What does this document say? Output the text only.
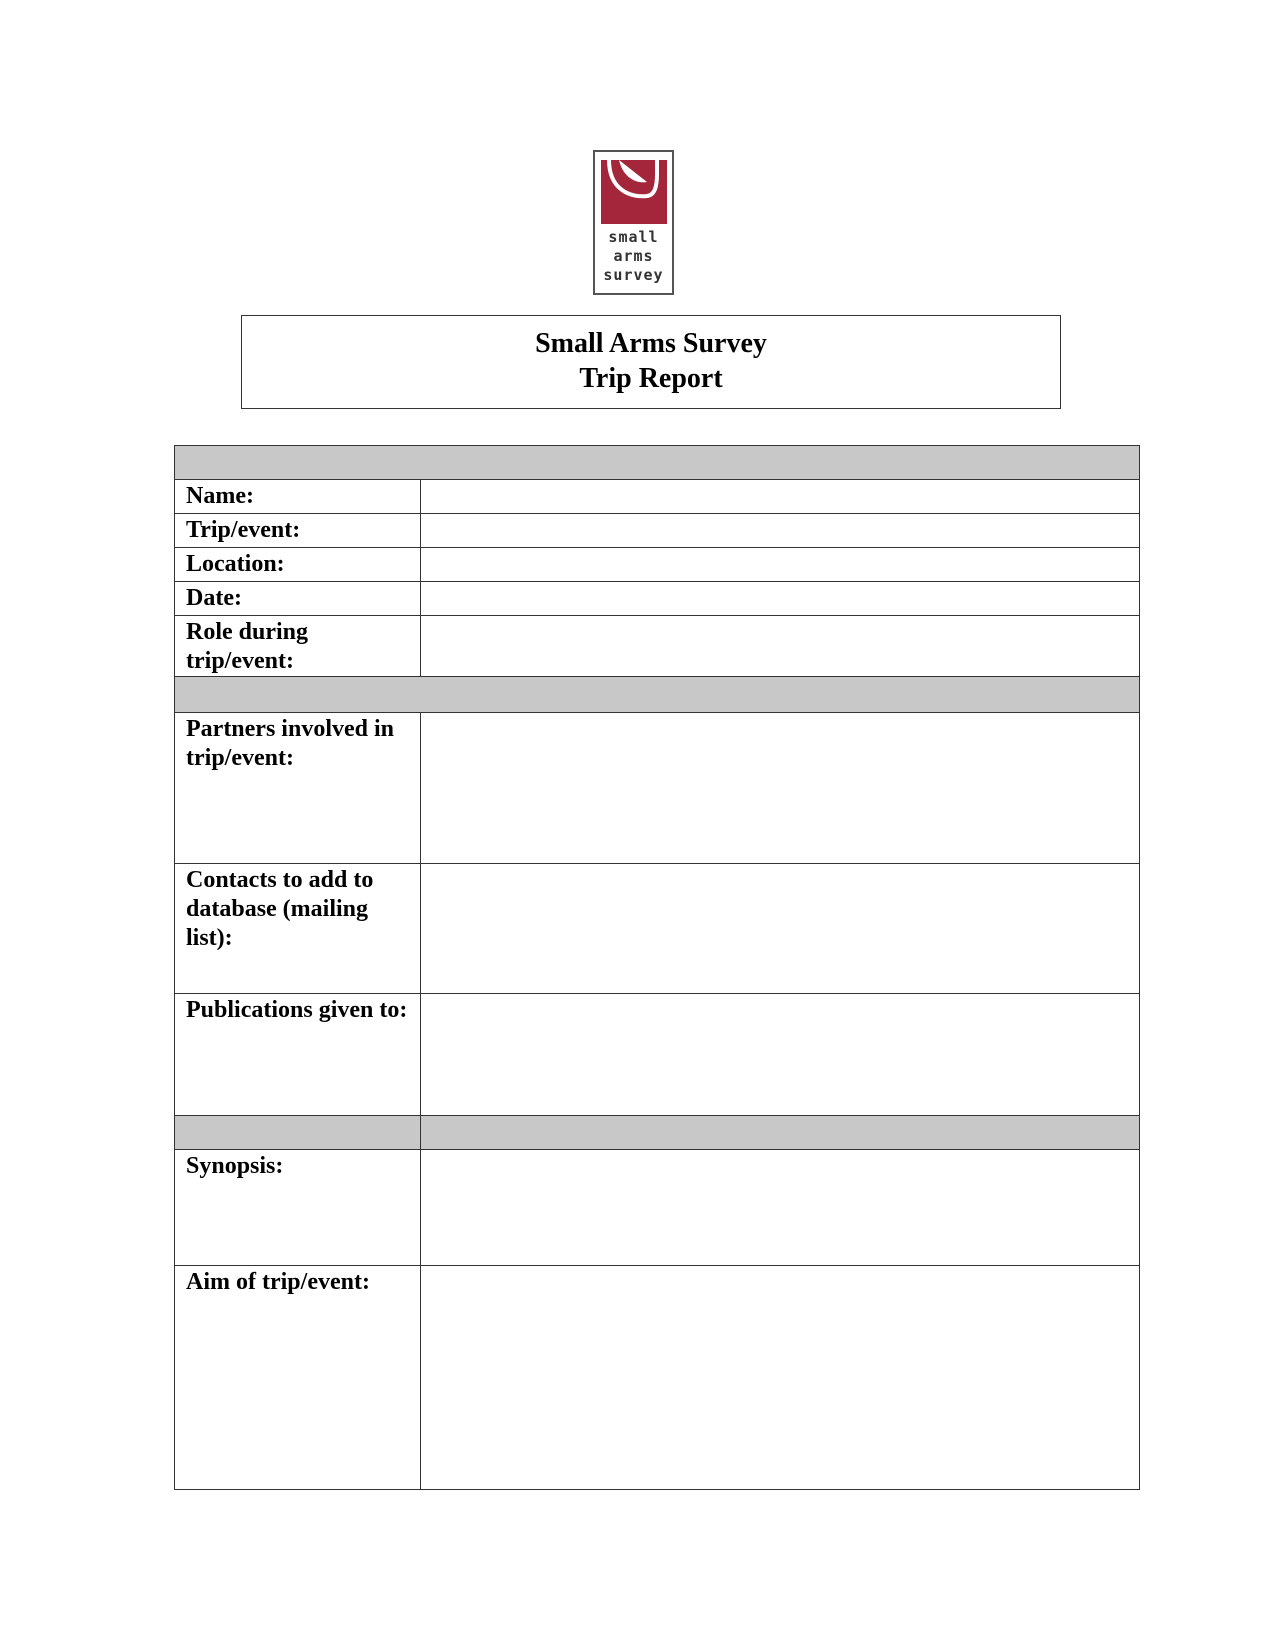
small
arms
survey
Small Arms Survey
Trip Report

Name:	
Trip/event:	
Location:	
Date:	
Role during trip/event:	

Partners involved in trip/event:	
Contacts to add to database (mailing list):	
Publications given to:	

Synopsis:	
Aim of trip/event:	
